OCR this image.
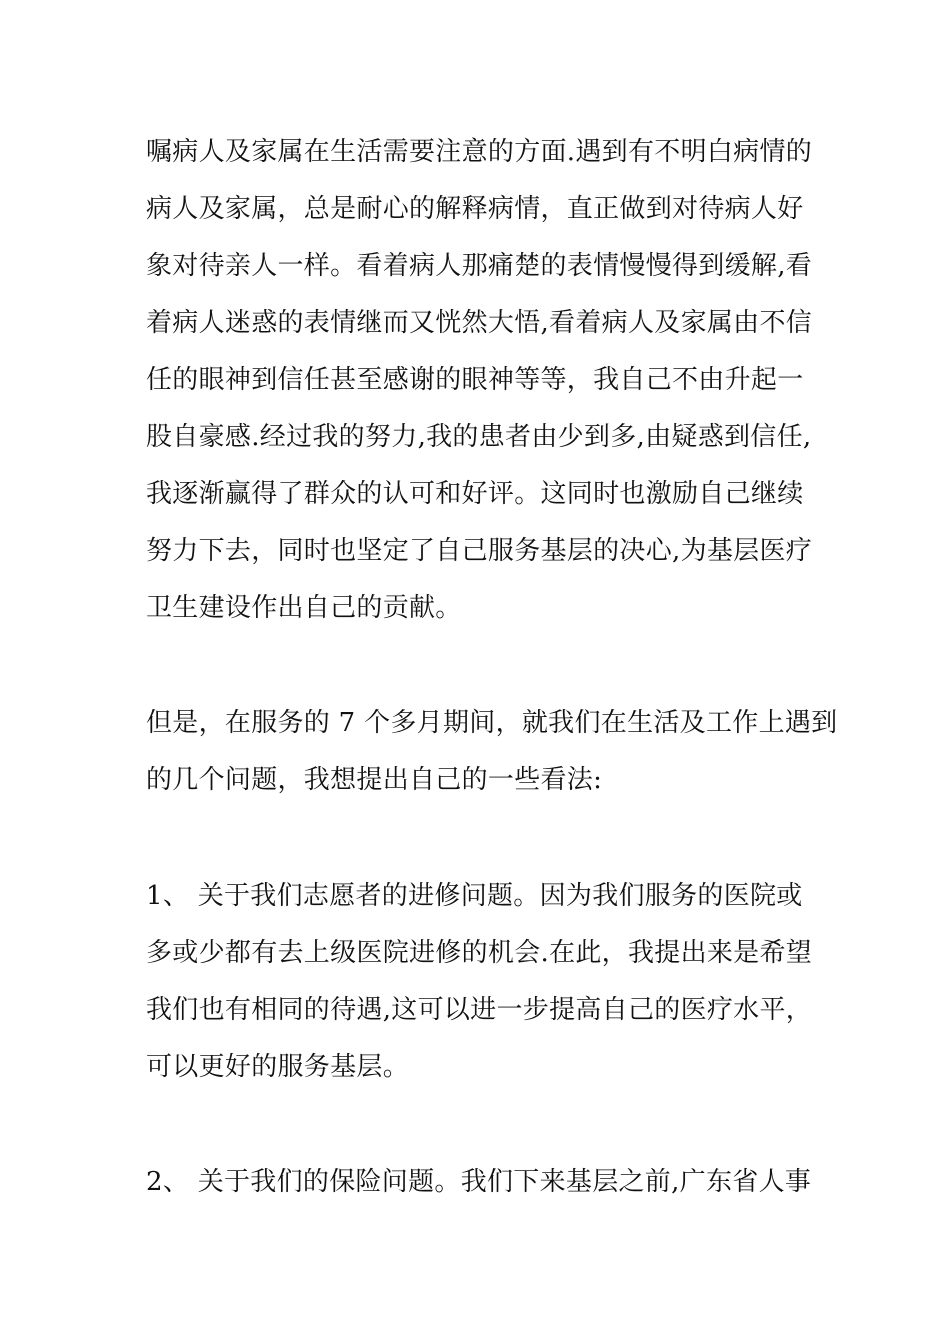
嘱病人及家属在生活需要注意的方面.遇到有不明白病情的
病人及家属，总是耐心的解释病情，直正做到对待病人好
象对待亲人一样。看着病人那痛楚的表情慢慢得到缓解,看
着病人迷惑的表情继而又恍然大悟,看着病人及家属由不信
任的眼神到信任甚至感谢的眼神等等，我自己不由升起一
股自豪感.经过我的努力,我的患者由少到多,由疑惑到信任,
我逐渐赢得了群众的认可和好评。这同时也激励自己继续
努力下去，同时也坚定了自己服务基层的决心,为基层医疗
卫生建设作出自己的贡献。
但是，在服务的 7 个多月期间，就我们在生活及工作上遇到
的几个问题，我想提出自己的一些看法:
1、 关于我们志愿者的进修问题。因为我们服务的医院或
多或少都有去上级医院进修的机会.在此，我提出来是希望
我们也有相同的待遇,这可以进一步提高自己的医疗水平，
可以更好的服务基层。
2、 关于我们的保险问题。我们下来基层之前,广东省人事
